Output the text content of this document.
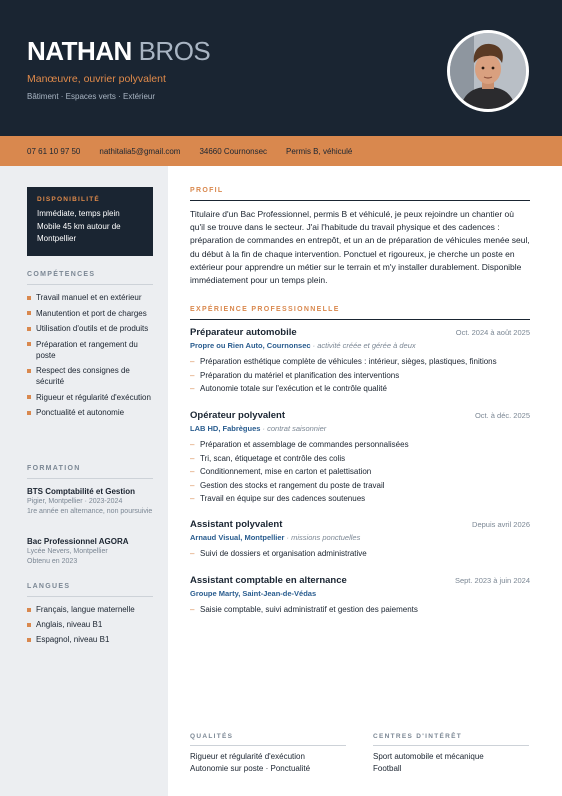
NATHAN BROS
Manœuvre, ouvrier polyvalent
Bâtiment · Espaces verts · Extérieur
07 61 10 97 50 nathitalia5@gmail.com 34660 Cournonsec Permis B, véhiculé
DISPONIBILITÉ
Immédiate, temps plein
Mobile 45 km autour de
Montpellier
COMPÉTENCES
Travail manuel et en extérieur
Manutention et port de charges
Utilisation d'outils et de produits
Préparation et rangement du poste
Respect des consignes de sécurité
Rigueur et régularité d'exécution
Ponctualité et autonomie
FORMATION
BTS Comptabilité et Gestion
Pigier, Montpellier · 2023-2024
1re année en alternance, non poursuivie
Bac Professionnel AGORA
Lycée Nevers, Montpellier
Obtenu en 2023
LANGUES
Français, langue maternelle
Anglais, niveau B1
Espagnol, niveau B1
PROFIL
Titulaire d'un Bac Professionnel, permis B et véhiculé, je peux rejoindre un chantier où qu'il se trouve dans le secteur. J'ai l'habitude du travail physique et des cadences : préparation de commandes en entrepôt, et un an de préparation de véhicules menée seul, du début à la fin de chaque intervention. Ponctuel et rigoureux, je cherche un poste en extérieur pour apprendre un métier sur le terrain et m'y installer durablement. Disponible immédiatement pour un temps plein.
EXPÉRIENCE PROFESSIONNELLE
Préparateur automobile	Oct. 2024 à août 2025
Propre ou Rien Auto, Cournonsec · activité créée et gérée à deux
– Préparation esthétique complète de véhicules : intérieur, sièges, plastiques, finitions
– Préparation du matériel et planification des interventions
– Autonomie totale sur l'exécution et le contrôle qualité
Opérateur polyvalent	Oct. à déc. 2025
LAB HD, Fabrègues · contrat saisonnier
– Préparation et assemblage de commandes personnalisées
– Tri, scan, étiquetage et contrôle des colis
– Conditionnement, mise en carton et palettisation
– Gestion des stocks et rangement du poste de travail
– Travail en équipe sur des cadences soutenues
Assistant polyvalent	Depuis avril 2026
Arnaud Visual, Montpellier · missions ponctuelles
– Suivi de dossiers et organisation administrative
Assistant comptable en alternance	Sept. 2023 à juin 2024
Groupe Marty, Saint-Jean-de-Védas
– Saisie comptable, suivi administratif et gestion des paiements
QUALITÉS
Rigueur et régularité d'exécution
Autonomie sur poste · Ponctualité
CENTRES D'INTÉRÊT
Sport automobile et mécanique
Football
